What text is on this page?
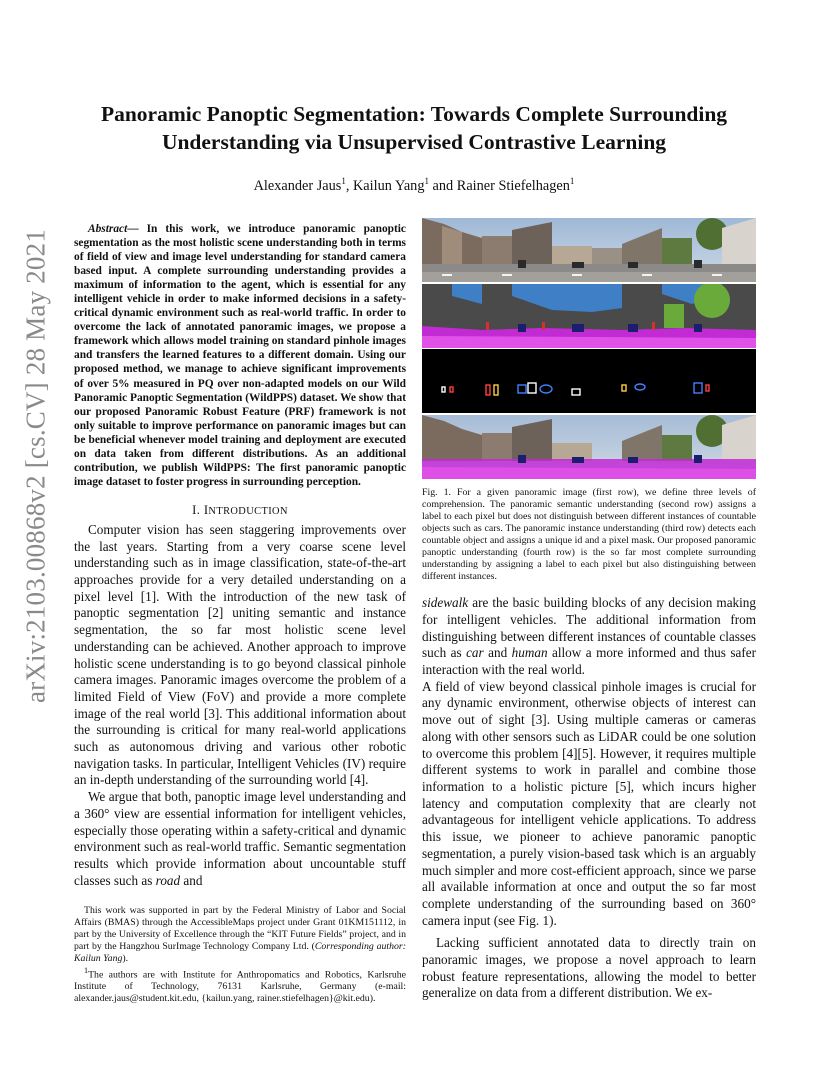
arXiv:2103.00868v2 [cs.CV] 28 May 2021
Panoramic Panoptic Segmentation: Towards Complete Surrounding
Understanding via Unsupervised Contrastive Learning
Alexander Jaus$^1$, Kailun Yang$^1$ and Rainer Stiefelhagen$^1$

Abstract— In this work, we introduce panoramic panoptic segmentation as the most holistic scene understanding both in terms of field of view and image level understanding for standard camera based input. A complete surrounding understanding provides a maximum of information to the agent, which is essential for any intelligent vehicle in order to make informed decisions in a safety-critical dynamic environment such as real-world traffic. In order to overcome the lack of annotated panoramic images, we propose a framework which allows model training on standard pinhole images and transfers the learned features to a different domain. Using our proposed method, we manage to achieve significant improvements of over 5% measured in PQ over non-adapted models on our Wild Panoramic Panoptic Segmentation (WildPPS) dataset. We show that our proposed Panoramic Robust Feature (PRF) framework is not only suitable to improve performance on panoramic images but can be beneficial whenever model training and deployment are executed on data taken from different distributions. As an additional contribution, we publish WildPPS: The first panoramic panoptic image dataset to foster progress in surrounding perception.

I. INTRODUCTION

Computer vision has seen staggering improvements over the last years. Starting from a very coarse scene level understanding such as in image classification, state-of-the-art approaches provide for a very detailed understanding on a pixel level [1]. With the introduction of the new task of panoptic segmentation [2] uniting semantic and instance segmentation, the so far most holistic scene level understanding can be achieved. Another approach to improve holistic scene understanding is to go beyond classical pinhole camera images. Panoramic images overcome the problem of a limited Field of View (FoV) and provide a more complete image of the real world [3]. This additional information about the surrounding is critical for many real-world applications such as autonomous driving and various other robotic navigation tasks. In particular, Intelligent Vehicles (IV) require an in-depth understanding of the surrounding world [4].

We argue that both, panoptic image level understanding and a 360° view are essential information for intelligent vehicles, especially those operating within a safety-critical and dynamic environment such as real-world traffic. Semantic segmentation results which provide information about uncountable stuff classes such as road and

This work was supported in part by the Federal Ministry of Labor and Social Affairs (BMAS) through the AccessibleMaps project under Grant 01KM151112, in part by the University of Excellence through the “KIT Future Fields” project, and in part by the Hangzhou SurImage Technology Company Ltd. (Corresponding author: Kailun Yang).

$^1$The authors are with Institute for Anthropomatics and Robotics, Karlsruhe Institute of Technology, 76131 Karlsruhe, Germany (e-mail: alexander.jaus@student.kit.edu, {kailun.yang, rainer.stiefelhagen}@kit.edu).

Fig. 1. For a given panoramic image (first row), we define three levels of comprehension. The panoramic semantic understanding (second row) assigns a label to each pixel but does not distinguish between different instances of countable objects such as cars. The panoramic instance understanding (third row) detects each countable object and assigns a unique id and a pixel mask. Our proposed panoramic panoptic understanding (fourth row) is the so far most complete surrounding understanding by assigning a label to each pixel but also distinguishing between different instances.

sidewalk are the basic building blocks of any decision making for intelligent vehicles. The additional information from distinguishing between different instances of countable classes such as car and human allow a more informed and thus safer interaction with the real world.

A field of view beyond classical pinhole images is crucial for any dynamic environment, otherwise objects of interest can move out of sight [3]. Using multiple cameras or cameras along with other sensors such as LiDAR could be one solution to overcome this problem [4][5]. However, it requires multiple different systems to work in parallel and combine those information to a holistic picture [5], which incurs higher latency and computation complexity that are clearly not advantageous for intelligent vehicle applications. To address this issue, we pioneer to achieve panoramic panoptic segmentation, a purely vision-based task which is an arguably much simpler and more cost-efficient approach, since we parse all available information at once and output the so far most complete understanding of the surrounding based on 360° camera input (see Fig. 1).

Lacking sufficient annotated data to directly train on panoramic images, we propose a novel approach to learn robust feature representations, allowing the model to better generalize on data from a different distribution. We ex-
